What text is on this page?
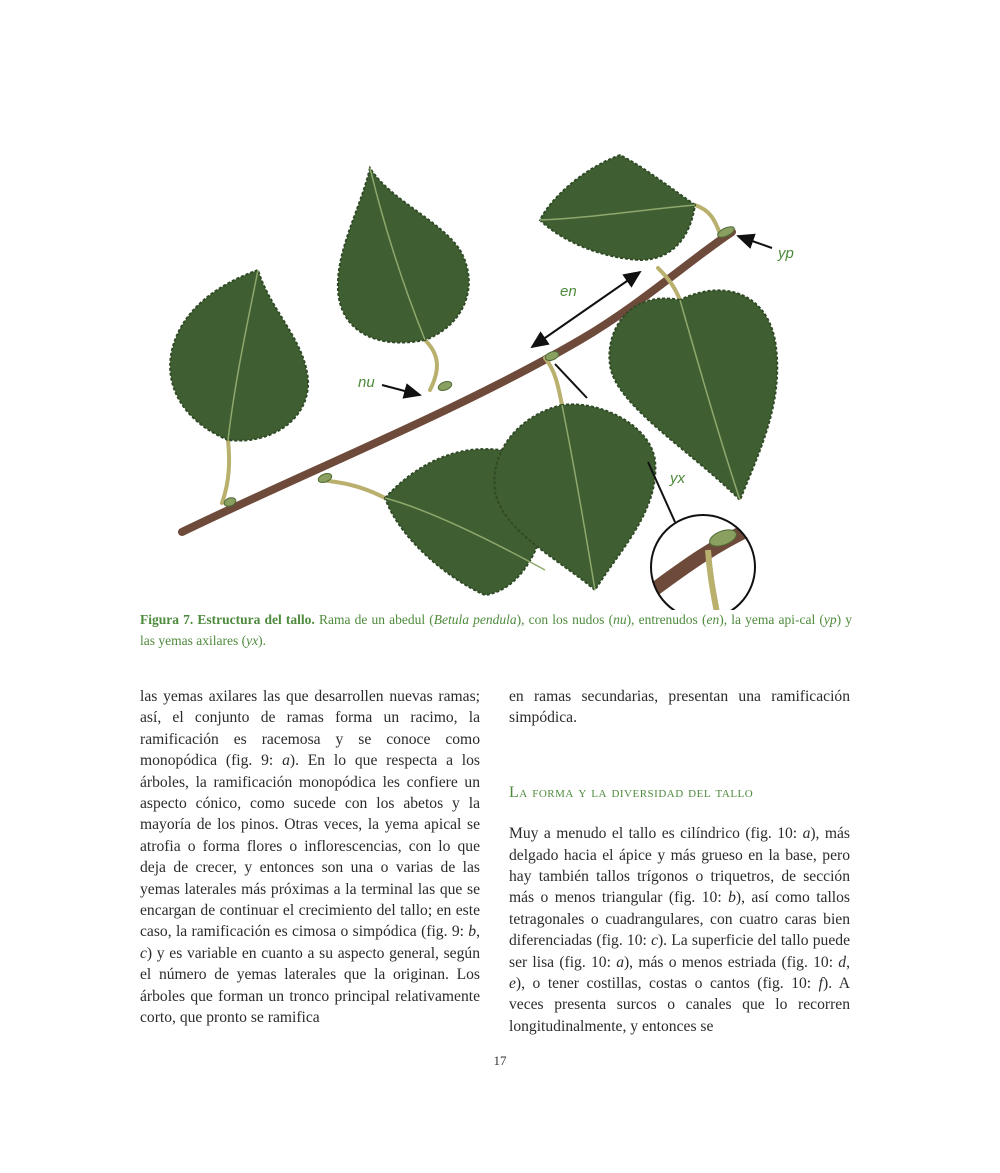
yp
en
nu
yx
Figura 7. Estructura del tallo. Rama de un abedul (Betula pendula), con los nudos (nu), entrenudos (en), la yema api-cal (yp) y las yemas axilares (yx).

las yemas axilares las que desarrollen nuevas ramas; así, el conjunto de ramas forma un racimo, la ramificación es racemosa y se conoce como monopódica (fig. 9: a). En lo que respecta a los árboles, la ramificación monopódica les confiere un aspecto cónico, como sucede con los abetos y la mayoría de los pinos. Otras veces, la yema apical se atrofia o forma flores o inflorescencias, con lo que deja de crecer, y entonces son una o varias de las yemas laterales más próximas a la terminal las que se encargan de continuar el crecimiento del tallo; en este caso, la ramificación es cimosa o simpódica (fig. 9: b, c) y es variable en cuanto a su aspecto general, según el número de yemas laterales que la originan. Los árboles que forman un tronco principal relativamente corto, que pronto se ramifica

en ramas secundarias, presentan una ramificación simpódica.

La forma y la diversidad del tallo

Muy a menudo el tallo es cilíndrico (fig. 10: a), más delgado hacia el ápice y más grueso en la base, pero hay también tallos trígonos o triquetros, de sección más o menos triangular (fig. 10: b), así como tallos tetragonales o cuadrangulares, con cuatro caras bien diferenciadas (fig. 10: c). La superficie del tallo puede ser lisa (fig. 10: a), más o menos estriada (fig. 10: d, e), o tener costillas, costas o cantos (fig. 10: f). A veces presenta surcos o canales que lo recorren longitudinalmente, y entonces se

17
